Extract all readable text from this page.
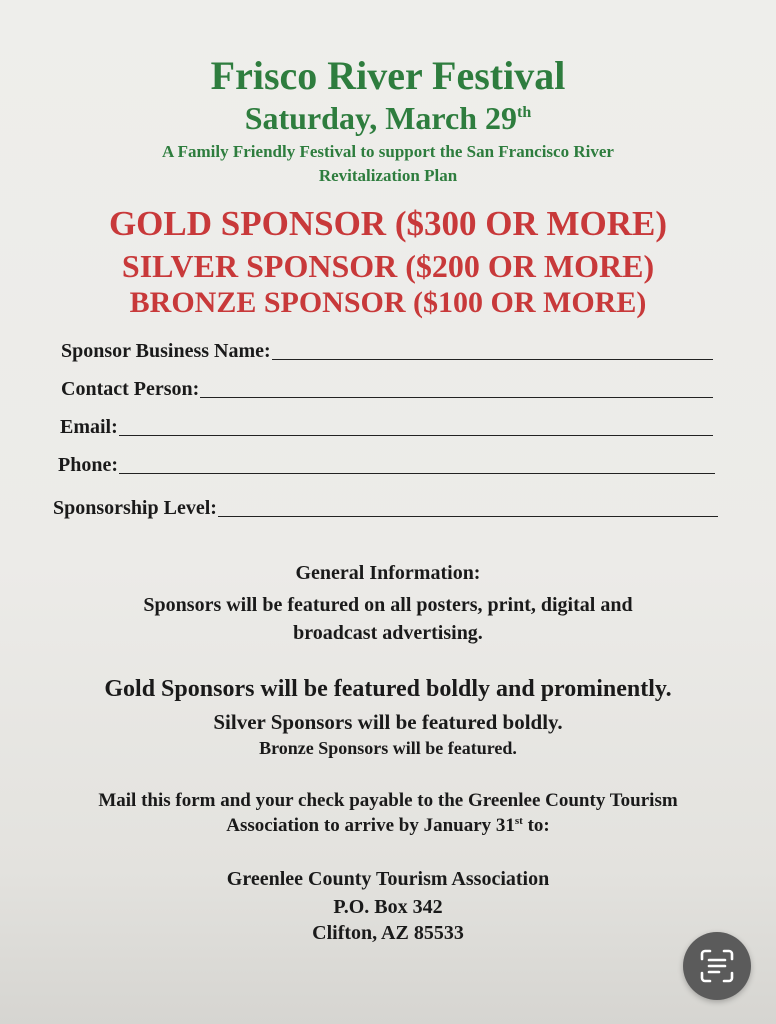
Frisco River Festival
Saturday, March 29th
A Family Friendly Festival to support the San Francisco River
Revitalization Plan
GOLD SPONSOR ($300 OR MORE)
SILVER SPONSOR ($200 OR MORE)
BRONZE SPONSOR ($100 OR MORE)
Sponsor Business Name:
Contact Person:
Email:
Phone:
Sponsorship Level:
General Information:
Sponsors will be featured on all posters, print, digital and
broadcast advertising.
Gold Sponsors will be featured boldly and prominently.
Silver Sponsors will be featured boldly.
Bronze Sponsors will be featured.
Mail this form and your check payable to the Greenlee County Tourism
Association to arrive by January 31st to:
Greenlee County Tourism Association
P.O. Box 342
Clifton, AZ 85533
